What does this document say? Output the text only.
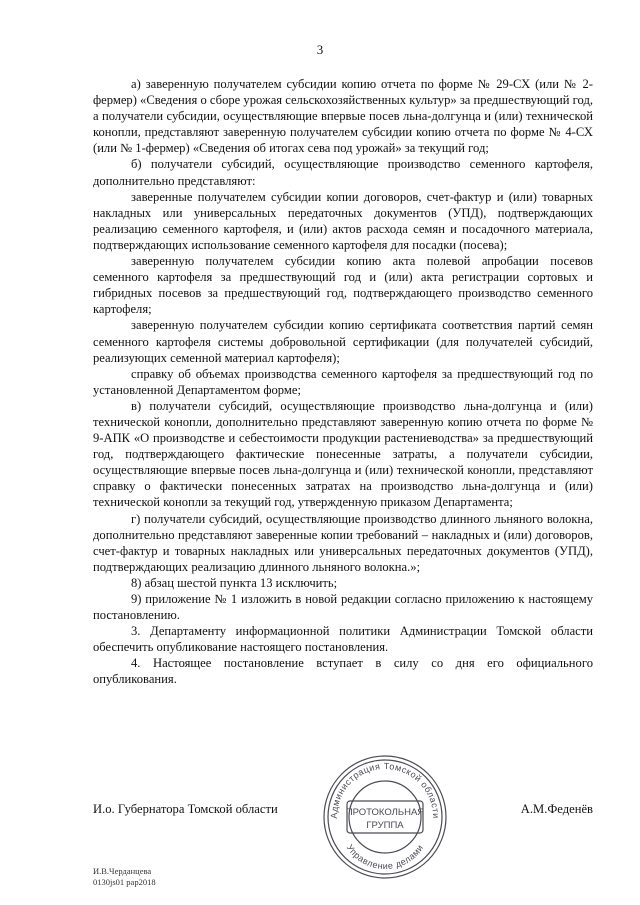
3

а) заверенную получателем субсидии копию отчета по форме № 29-СХ (или № 2-фермер) «Сведения о сборе урожая сельскохозяйственных культур» за предшествующий год, а получатели субсидии, осуществляющие впервые посев льна-долгунца и (или) технической конопли, представляют заверенную получателем субсидии копию отчета по форме № 4-СХ (или № 1-фермер) «Сведения об итогах сева под урожай» за текущий год;

б) получатели субсидий, осуществляющие производство семенного картофеля, дополнительно представляют:

заверенные получателем субсидии копии договоров, счет-фактур и (или) товарных накладных или универсальных передаточных документов (УПД), подтверждающих реализацию семенного картофеля, и (или) актов расхода семян и посадочного материала, подтверждающих использование семенного картофеля для посадки (посева);

заверенную получателем субсидии копию акта полевой апробации посевов семенного картофеля за предшествующий год и (или) акта регистрации сортовых и гибридных посевов за предшествующий год, подтверждающего производство семенного картофеля;

заверенную получателем субсидии копию сертификата соответствия партий семян семенного картофеля системы добровольной сертификации (для получателей субсидий, реализующих семенной материал картофеля);

справку об объемах производства семенного картофеля за предшествующий год по установленной Департаментом форме;

в) получатели субсидий, осуществляющие производство льна-долгунца и (или) технической конопли, дополнительно представляют заверенную копию отчета по форме № 9-АПК «О производстве и себестоимости продукции растениеводства» за предшествующий год, подтверждающего фактические понесенные затраты, а получатели субсидии, осуществляющие впервые посев льна-долгунца и (или) технической конопли, представляют справку о фактически понесенных затратах на производство льна-долгунца и (или) технической конопли за текущий год, утвержденную приказом Департамента;

г) получатели субсидий, осуществляющие производство длинного льняного волокна, дополнительно представляют заверенные копии требований – накладных и (или) договоров, счет-фактур и товарных накладных или универсальных передаточных документов (УПД), подтверждающих реализацию длинного льняного волокна.»;

8) абзац шестой пункта 13 исключить;

9) приложение № 1 изложить в новой редакции согласно приложению к настоящему постановлению.

3. Департаменту информационной политики Администрации Томской области обеспечить опубликование настоящего постановления.

4. Настоящее постановление вступает в силу со дня его официального опубликования.

И.о. Губернатора Томской области	А.М.Феденёв
Администрация Томской области
Управление делами
ПРОТОКОЛЬНАЯ
ГРУППА
И.В.Черданцева
0130js01 рар2018
